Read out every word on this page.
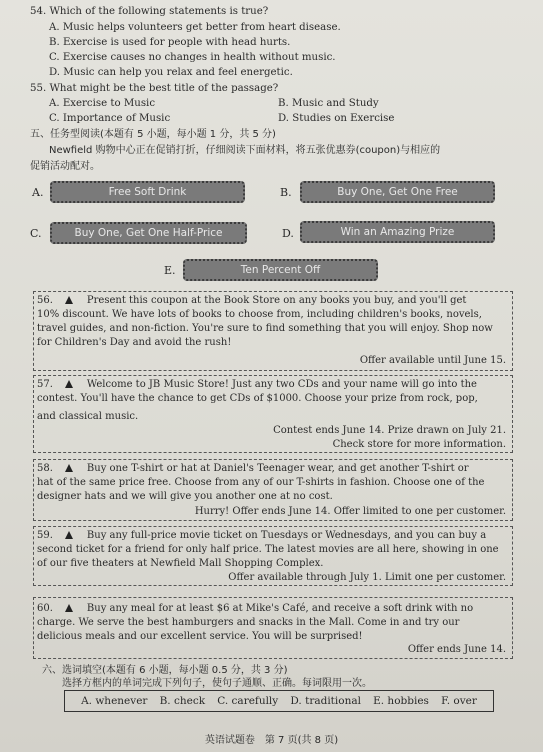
54. Which of the following statements is true?
A. Music helps volunteers get better from heart disease.
B. Exercise is used for people with head hurts.
C. Exercise causes no changes in health without music.
D. Music can help you relax and feel energetic.
55. What might be the best title of the passage?
A. Exercise to Music	B. Music and Study
C. Importance of Music	D. Studies on Exercise
五、任务型阅读(本题有 5 小题，每小题 1 分，共 5 分)
Newfield 购物中心正在促销打折，仔细阅读下面材料，将五张优惠券(coupon)与相应的
促销活动配对。
A.	Free Soft Drink	B.	Buy One, Get One Free
C.	Buy One, Get One Half-Price	D.	Win an Amazing Prize
E.	Ten Percent Off
56.	Present this coupon at the Book Store on any books you buy, and you'll get
10% discount. We have lots of books to choose from, including children's books, novels,
travel guides, and non-fiction. You're sure to find something that you will enjoy. Shop now
for Children's Day and avoid the rush!
Offer available until June 15.
57.	Welcome to JB Music Store! Just any two CDs and your name will go into the
contest. You'll have the chance to get CDs of $1000. Choose your prize from rock, pop,
and classical music.
Contest ends June 14. Prize drawn on July 21.
Check store for more information.
58.	Buy one T-shirt or hat at Daniel's Teenager wear, and get another T-shirt or
hat of the same price free. Choose from any of our T-shirts in fashion. Choose one of the
designer hats and we will give you another one at no cost.
Hurry! Offer ends June 14. Offer limited to one per customer.
59.	Buy any full-price movie ticket on Tuesdays or Wednesdays, and you can buy a
second ticket for a friend for only half price. The latest movies are all here, showing in one
of our five theaters at Newfield Mall Shopping Complex.
Offer available through July 1. Limit one per customer.
60.	Buy any meal for at least $6 at Mike's Café, and receive a soft drink with no
charge. We serve the best hamburgers and snacks in the Mall. Come in and try our
delicious meals and our excellent service. You will be surprised!
Offer ends June 14.
六、选词填空(本题有 6 小题，每小题 0.5 分，共 3 分)
选择方框内的单词完成下列句子，使句子通顺、正确。每词限用一次。
A. whenever B. check C. carefully D. traditional E. hobbies F. over
英语试题卷　第 7 页(共 8 页)
